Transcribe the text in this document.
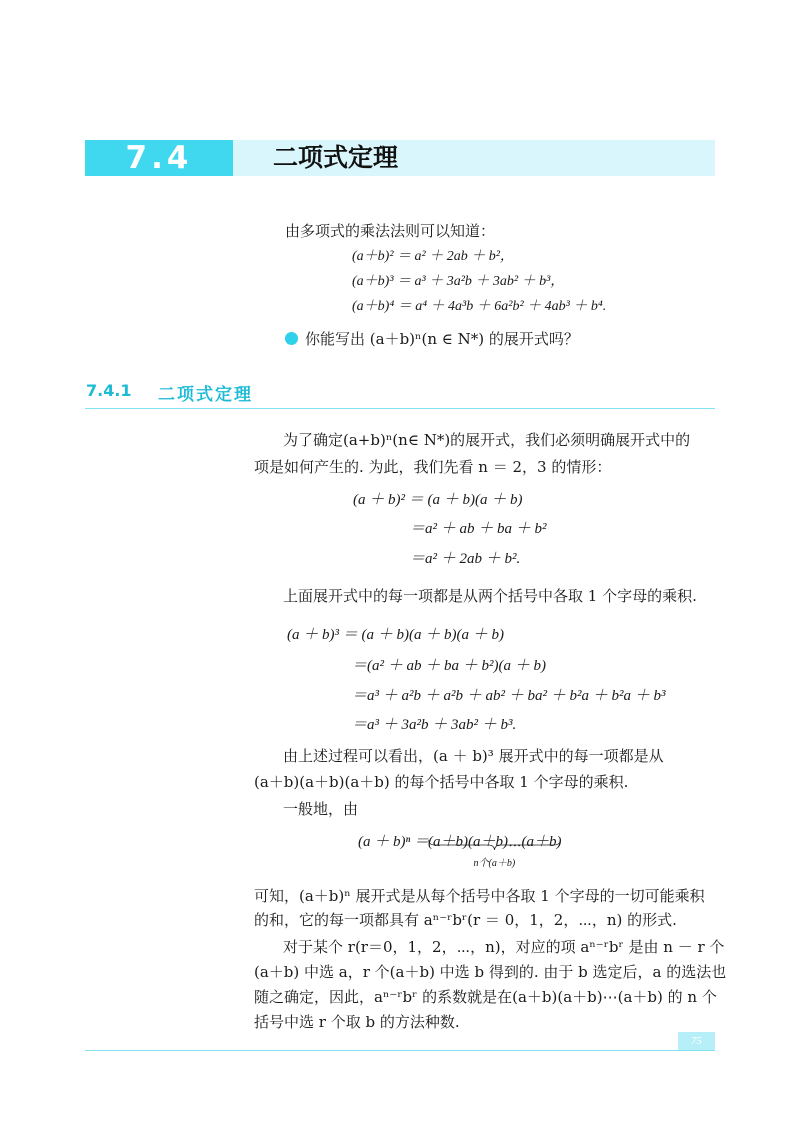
7.4	二项式定理
由多项式的乘法法则可以知道：
(a＋b)² ＝ a² ＋ 2ab ＋ b²，
(a＋b)³ ＝ a³ ＋ 3a²b ＋ 3ab² ＋ b³，
(a＋b)⁴ ＝ a⁴ ＋ 4a³b ＋ 6a²b² ＋ 4ab³ ＋ b⁴.
你能写出 (a＋b)ⁿ(n ∈ N*) 的展开式吗？
7.4.1 二项式定理
为了确定(a+b)ⁿ(n∈ N*)的展开式，我们必须明确展开式中的
项是如何产生的. 为此，我们先看 n ＝ 2，3 的情形：
(a ＋ b)² ＝ (a ＋ b)(a ＋ b)
＝a² ＋ ab ＋ ba ＋ b²
＝a² ＋ 2ab ＋ b².
上面展开式中的每一项都是从两个括号中各取 1 个字母的乘积.
(a ＋ b)³ ＝ (a ＋ b)(a ＋ b)(a ＋ b)
＝(a² ＋ ab ＋ ba ＋ b²)(a ＋ b)
＝a³ ＋ a²b ＋ a²b ＋ ab² ＋ ba² ＋ b²a ＋ b²a ＋ b³
＝a³ ＋ 3a²b ＋ 3ab² ＋ b³.
由上述过程可以看出，(a ＋ b)³ 展开式中的每一项都是从
(a＋b)(a＋b)(a＋b) 的每个括号中各取 1 个字母的乘积.
一般地，由
(a ＋ b)ⁿ ＝ (a＋b)(a＋b)⋯(a＋b)
n个(a＋b)
可知，(a＋b)ⁿ 展开式是从每个括号中各取 1 个字母的一切可能乘积
的和，它的每一项都具有 aⁿ⁻ʳbʳ(r ＝ 0，1，2，⋯，n) 的形式.
对于某个 r(r＝0，1，2，⋯，n)，对应的项 aⁿ⁻ʳbʳ 是由 n － r 个
(a＋b) 中选 a，r 个(a＋b) 中选 b 得到的. 由于 b 选定后，a 的选法也
随之确定，因此，aⁿ⁻ʳbʳ 的系数就是在(a＋b)(a＋b)⋯(a＋b) 的 n 个
括号中选 r 个取 b 的方法种数.
75
